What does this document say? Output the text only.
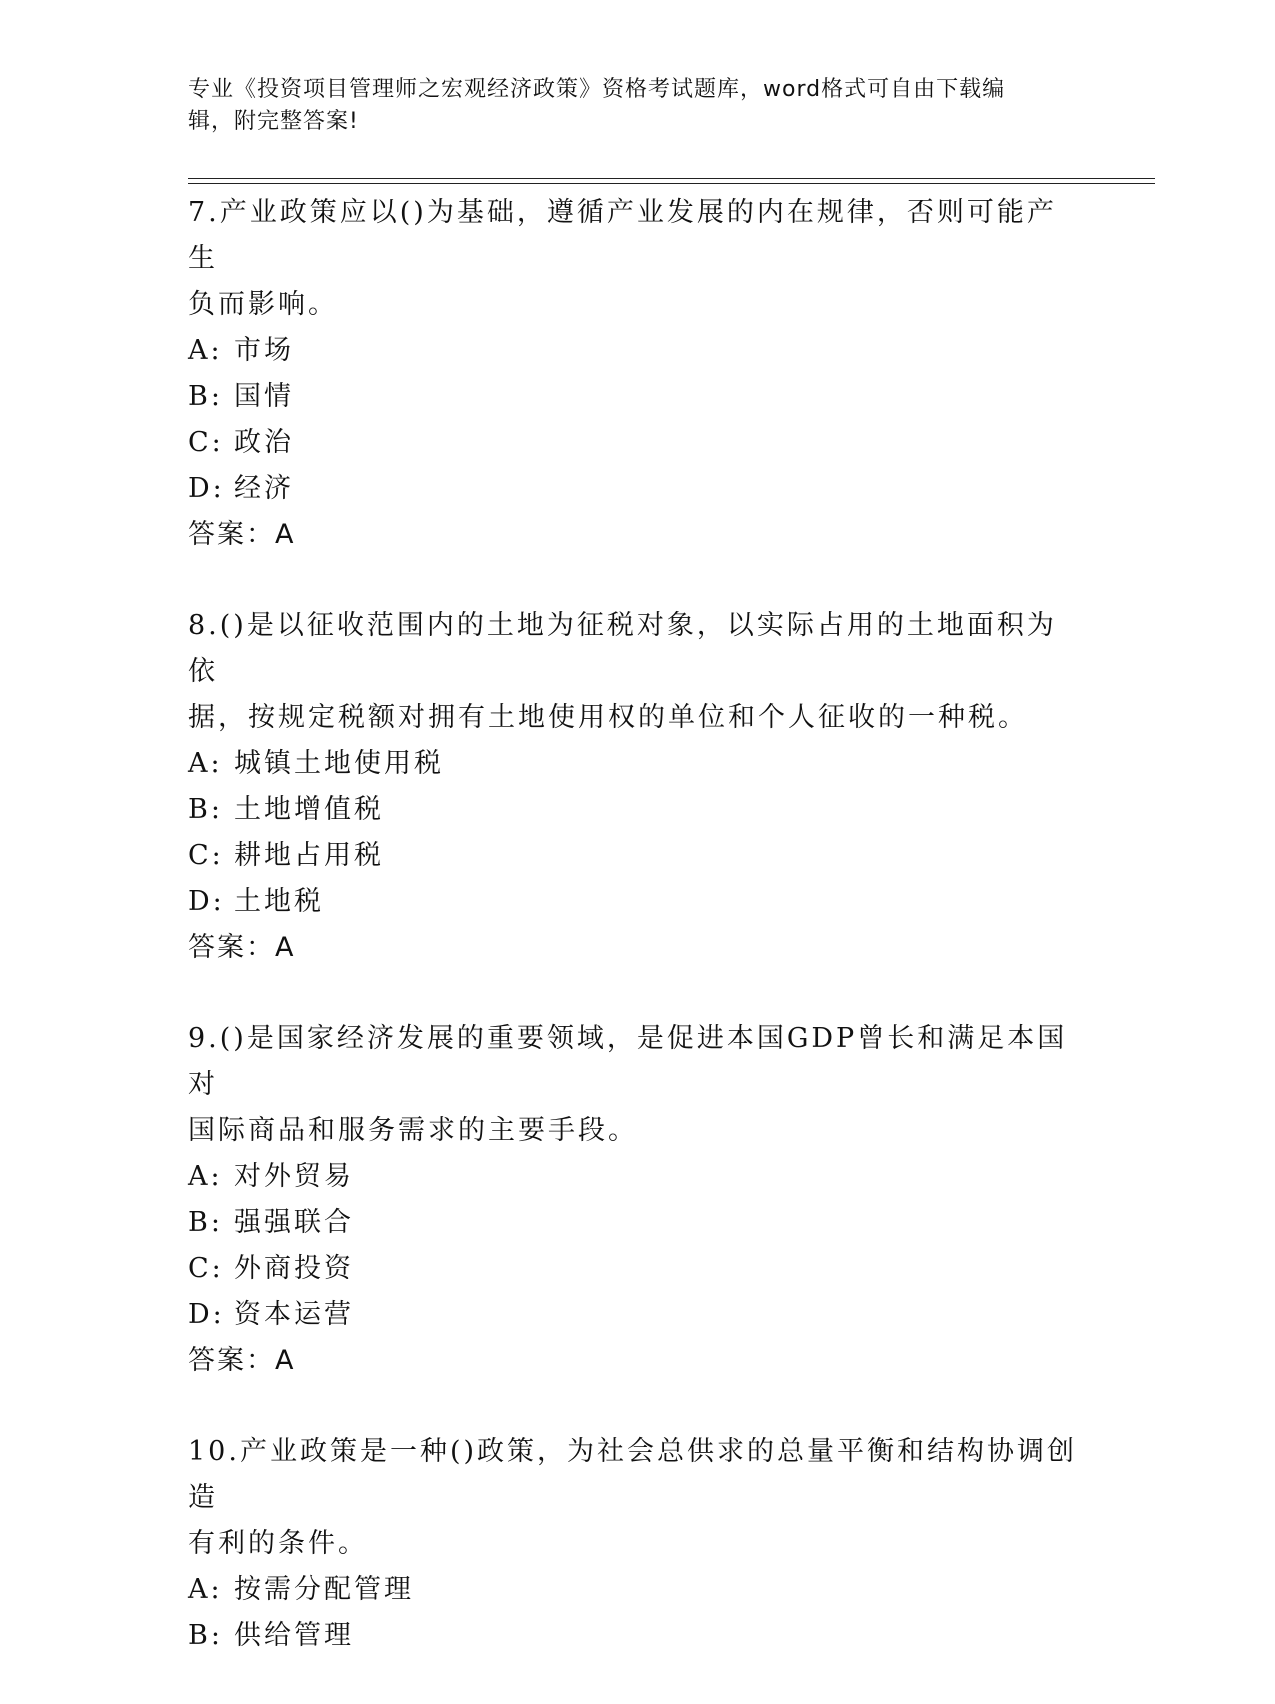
专业《投资项目管理师之宏观经济政策》资格考试题库，word格式可自由下载编
辑，附完整答案!
7.产业政策应以()为基础，遵循产业发展的内在规律，否则可能产生
负而影响。
A: 市场
B: 国情
C: 政治
D: 经济
答案：A
8.()是以征收范围内的土地为征税对象，以实际占用的土地面积为依
据，按规定税额对拥有土地使用权的单位和个人征收的一种税。
A: 城镇土地使用税
B: 土地增值税
C: 耕地占用税
D: 土地税
答案：A
9.()是国家经济发展的重要领域，是促进本国GDP曾长和满足本国对
国际商品和服务需求的主要手段。
A: 对外贸易
B: 强强联合
C: 外商投资
D: 资本运营
答案：A
10.产业政策是一种()政策，为社会总供求的总量平衡和结构协调创造
有利的条件。
A: 按需分配管理
B: 供给管理
